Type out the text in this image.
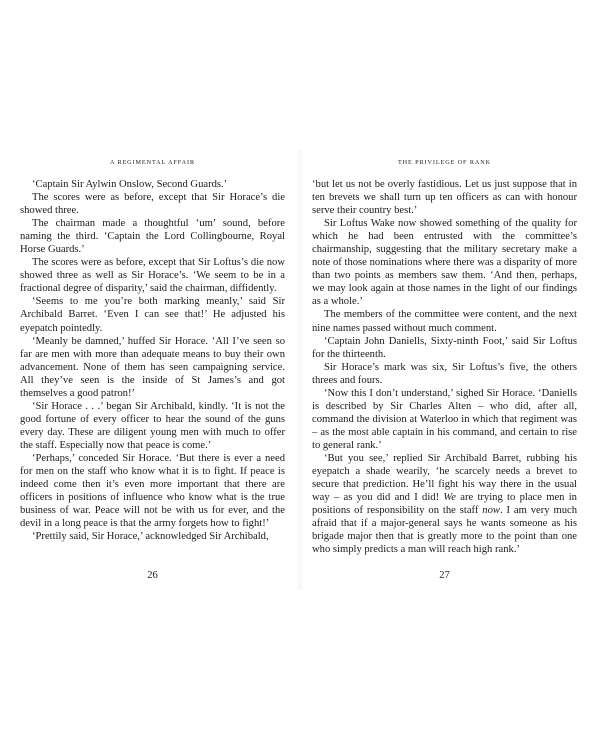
A REGIMENTAL AFFAIR

‘Captain Sir Aylwin Onslow, Second Guards.’

The scores were as before, except that Sir Horace’s die showed three.

The chairman made a thoughtful ‘um’ sound, before naming the third. ‘Captain the Lord Collingbourne, Royal Horse Guards.’

The scores were as before, except that Sir Loftus’s die now showed three as well as Sir Horace’s. ‘We seem to be in a fractional degree of disparity,’ said the chairman, diffidently.

‘Seems to me you’re both marking meanly,’ said Sir Archibald Barret. ‘Even I can see that!’ He adjusted his eyepatch pointedly.

‘Meanly be damned,’ huffed Sir Horace. ‘All I’ve seen so far are men with more than adequate means to buy their own advancement. None of them has seen campaigning service. All they’ve seen is the inside of St James’s and got themselves a good patron!’

‘Sir Horace . . .’ began Sir Archibald, kindly. ‘It is not the good fortune of every officer to hear the sound of the guns every day. These are diligent young men with much to offer the staff. Especially now that peace is come.’

‘Perhaps,’ conceded Sir Horace. ‘But there is ever a need for men on the staff who know what it is to fight. If peace is indeed come then it’s even more important that there are officers in positions of influence who know what is the true business of war. Peace will not be with us for ever, and the devil in a long peace is that the army forgets how to fight!’

‘Prettily said, Sir Horace,’ acknowledged Sir Archibald,

26
THE PRIVILEGE OF RANK

‘but let us not be overly fastidious. Let us just suppose that in ten brevets we shall turn up ten officers as can with honour serve their country best.’

Sir Loftus Wake now showed something of the quality for which he had been entrusted with the committee’s chairmanship, suggesting that the military secretary make a note of those nominations where there was a disparity of more than two points as members saw them. ‘And then, perhaps, we may look again at those names in the light of our findings as a whole.’

The members of the committee were content, and the next nine names passed without much comment.

‘Captain John Daniells, Sixty-ninth Foot,’ said Sir Loftus for the thirteenth.

Sir Horace’s mark was six, Sir Loftus’s five, the others threes and fours.

‘Now this I don’t understand,’ sighed Sir Horace. ‘Daniells is described by Sir Charles Alten – who did, after all, command the division at Waterloo in which that regiment was – as the most able captain in his command, and certain to rise to general rank.’

‘But you see,’ replied Sir Archibald Barret, rubbing his eyepatch a shade wearily, ‘he scarcely needs a brevet to secure that prediction. He’ll fight his way there in the usual way – as you did and I did! We are trying to place men in positions of responsibility on the staff now. I am very much afraid that if a major-general says he wants someone as his brigade major then that is greatly more to the point than one who simply predicts a man will reach high rank.’

27
